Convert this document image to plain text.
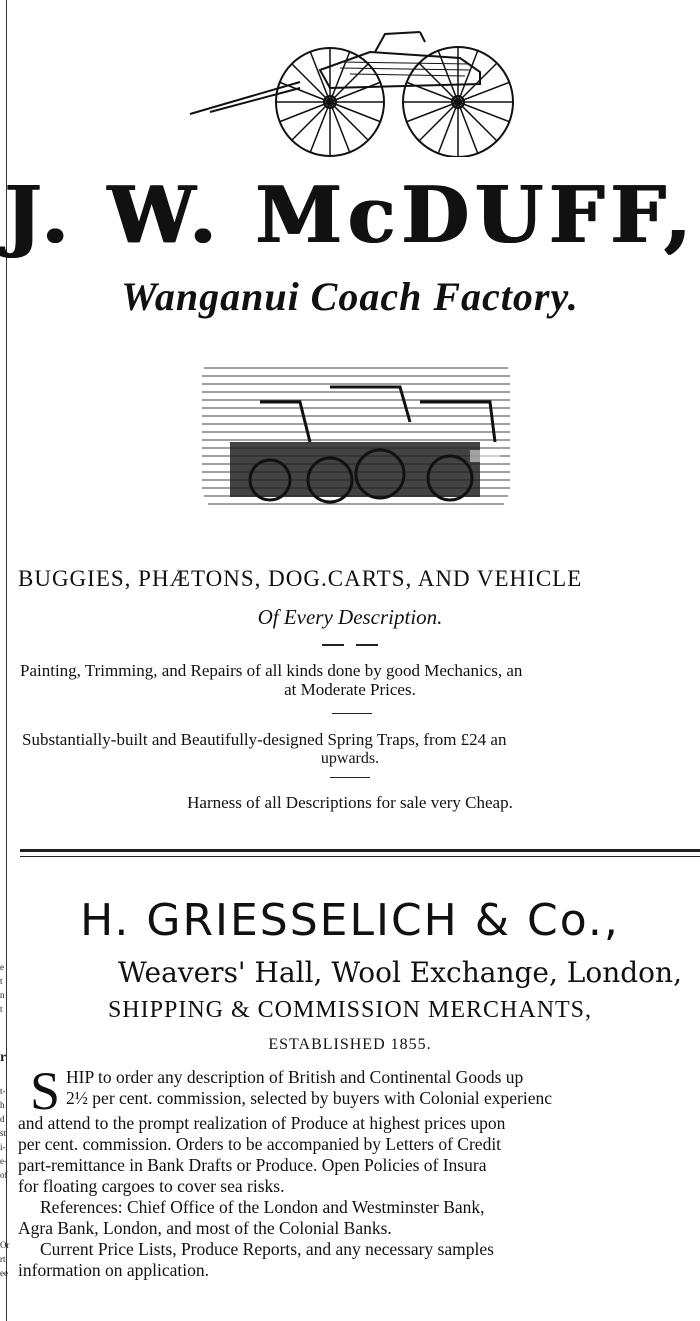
e
t
n
t
r
t-
h
d
st
i-
e-
of
Or
rt
ee
J. W. McDUFF,
Wanganui Coach Factory.
BUGGIES, PHÆTONS, DOG.CARTS, AND VEHICLE
Of Every Description.
Painting, Trimming, and Repairs of all kinds done by good Mechanics, an
at Moderate Prices.
Substantially-built and Beautifully-designed Spring Traps, from £24 an
upwards.
Harness of all Descriptions for sale very Cheap.
H. GRIESSELICH & Co.,
Weavers' Hall, Wool Exchange, London,
SHIPPING & COMMISSION MERCHANTS,
ESTABLISHED 1855.
S HIP to order any description of British and Continental Goods up

2½ per cent. commission, selected by buyers with Colonial experienc

and attend to the prompt realization of Produce at highest prices upon

per cent. commission. Orders to be accompanied by Letters of Credit

part-remittance in Bank Drafts or Produce. Open Policies of Insura

for floating cargoes to cover sea risks.

References: Chief Office of the London and Westminster Bank,

Agra Bank, London, and most of the Colonial Banks.

Current Price Lists, Produce Reports, and any necessary samples

information on application.
